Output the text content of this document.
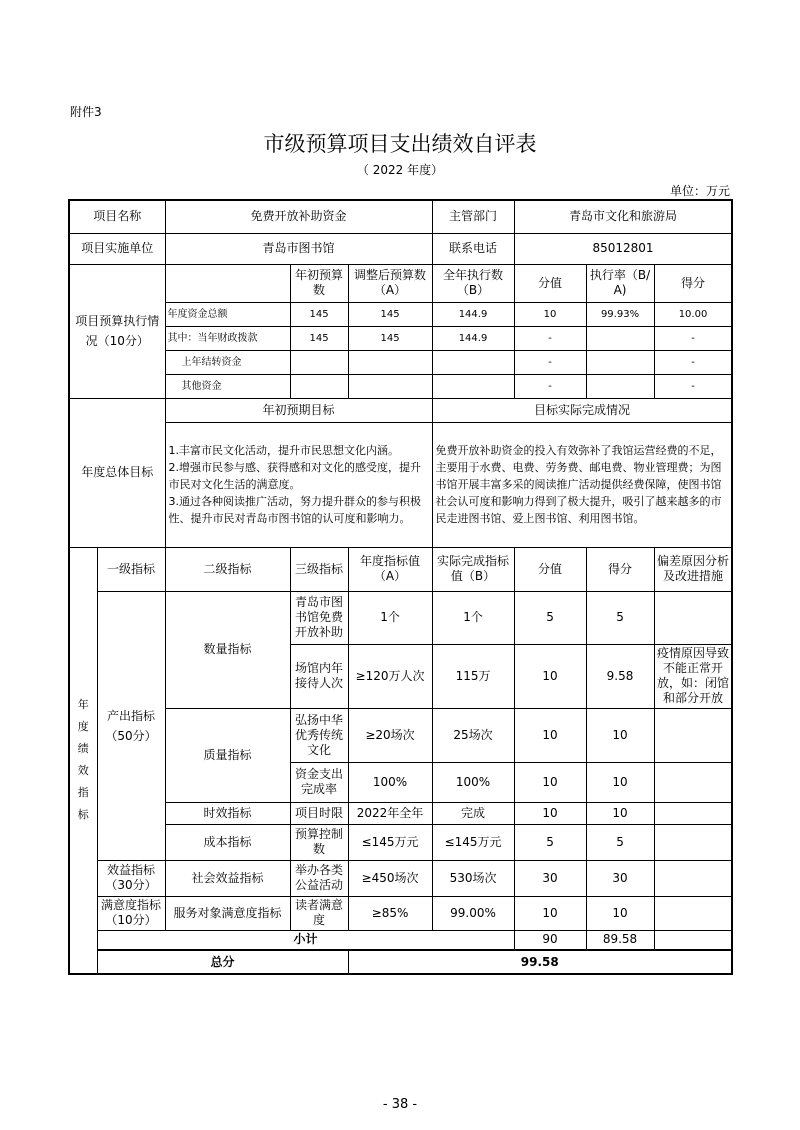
附件3
市级预算项目支出绩效自评表
（ 2022 年度）
单位：万元
项目名称		免费开放补助资金			主管部门	青岛市文化和旅游局		
项目实施单位		青岛市图书馆			联系电话	85012801		
项目预算执行情况（10分）			年初预算数	调整后预算数（A）	全年执行数（B）	分值	执行率（B/A)	得分
		年度资金总额	145	145	144.9	10	99.93%	10.00
		其中：当年财政拨款	145	145	144.9	-		-
		上年结转资金				-		-
		其他资金				-		-
年度总体目标		年初预期目标			目标实际完成情况			
		1.丰富市民文化活动，提升市民思想文化内涵。
2.增强市民参与感、获得感和对文化的感受度，提升市民对文化生活的满意度。
3.通过各种阅读推广活动，努力提升群众的参与积极性、提升市民对青岛市图书馆的认可度和影响力。			免费开放补助资金的投入有效弥补了我馆运营经费的不足，主要用于水费、电费、劳务费、邮电费、物业管理费；为图书馆开展丰富多采的阅读推广活动提供经费保障，使图书馆社会认可度和影响力得到了极大提升，吸引了越来越多的市民走进图书馆、爱上图书馆、利用图书馆。			
年度绩效指标	一级指标	二级指标	三级指标	年度指标值（A）	实际完成指标值（B）	分值	得分	偏差原因分析及改进措施
	产出指标（50分）	数量指标	青岛市图书馆免费开放补助	1个	1个	5	5	
			场馆内年接待人次	≥120万人次	115万	10	9.58	疫情原因导致不能正常开放，如：闭馆和部分开放
		质量指标	弘扬中华优秀传统文化	≥20场次	25场次	10	10	
			资金支出完成率	100%	100%	10	10	
		时效指标	项目时限	2022年全年	完成	10	10	
		成本指标	预算控制数	≤145万元	≤145万元	5	5	
	效益指标（30分）	社会效益指标	举办各类公益活动	≥450场次	530场次	30	30	
	满意度指标（10分）	服务对象满意度指标	读者满意度	≥85%	99.00%	10	10	
	小计					90	89.58	
	总分			99.58				
- 38 -
